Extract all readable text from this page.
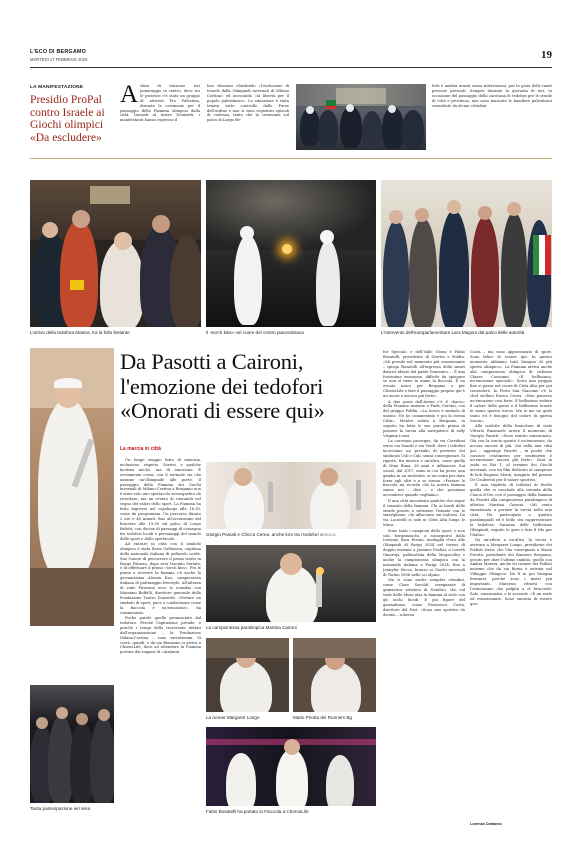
L'ECO DI BERGAMO
MARTEDÌ 17 FEBBRAIO 2026	19
LA MANIFESTAZIONE
Presidio ProPal contro Israele ai Giochi olimpici «Da escludere»
Attimi di tensione ieri pomeriggio in centro, dove tra le proteste c'è stato un gruppo di attivisti Pro Palestina, durante le cerimonie per il passaggio della Fiamma olimpica dalla città. Davanti al teatro Donizetti, i manifestanti hanno espresso il
loro dissenso chiedendo «l'esclusione di Israele dalle Olimpiadi invernali di Milano Cortina» ed invocando «la libertà per il popolo palestinese». La situazione è stata tenuta sotto controllo dalle Forze dell'ordine e non si sono registrati episodi di violenza, tanto che la cerimonia sul palco di Largo Be-
lotti è andata avanti senza interruzioni, per la gioia delle tante persone presenti. Sempre durante la giornata di ieri, in occasione del passaggio della carovana di tedofori per le strade di città e provincia, non sono mancate le bandiere palestinesi sventolate da alcuni cittadini.
L'arrivo della tedofora Matera, tra la folla festante	Il «torch kiss» nel cuore del centro piacentiniano	L'intervento dell'europarlamentare Lara Magoni dal palco delle autorità
Da Pasotti a Caironi, l'emozione dei tedofori «Onorati di essere qui»
La marcia in città

Un lungo viaggio fatto di amicizia, inclusione, rispetto. Sorrisi, e qualche lacrima anche, ma di emozione. È ovviamente corsa, con il normale via che assume un'Olimpiade alle porte. Il passaggio della Fiamma dei Giochi invernali di Milano-Cortina a Bergamo non è stato solo uno spettacolo scenografico da ricordare, ma un evento di comunità nel segno dei valori dello sport. La Fiamma ha fatto ingresso nel capoluogo alle 16.30, come da programma. Un percorso durato 2 ore e 40 minuti, fino all'accensione del braciere alle 19.30 sul palco di Largo Belotti, con decine di passaggi di consegna fra tedofori locali e personaggi del mondo dello sport e dello spettacolo.

Ad entrare in città con il simbolo olimpico è stata Ilaria Galbusera, capitana della nazionale italiana di pallavolo sorde. Sue l'onore di percorrere il primo tratto in Borgo Palazzo, dopo aver lasciato Seriate, e di effettuare il primo «torch kiss». Fra le prime a ricevere la fiamma c'è anche la giovanissima Alessia Rao, campionessa italiana di pattinaggio freestyle. All'altezza di viale Pirovano ecco lo scambio con Massimo Boffelli, direttore generale della Fondazione Teatro Donizetti. «Portare un simbolo di sport, pace e condivisione come la fiaccola è un'emozione», ha commentato.

Poche parole quelle pronunciate dal tedoforo. Perché l'agitazione prende, e perché i tempi della traversata dettati dall'organizzazione – la Fondazione Milano-Cortina – sono serratissimi. Si corre, quindi, e da via Bianzano si arriva a ChorusLife, dove ad attendere la Fiamma portata dai ragazzi di «Atalanta

Giorgio Pasotti e Chicco Cerea, anche loro tra i tedofori BEDOLIS
La campionessa paralimpica Martina Caironi
La runner Margaret Longo	Mario Pirotta dei Runners Bg
Fabio Bosatelli ha portato la Fiaccola a ChorusLife
Tanta partecipazione ieri sera

for Special» e dell'Valle Olona è Fabio Bosatelli, presidente di Gewiss e Polifin. «Mi prende nel momento più emozionante – spiega Bosatelli all'ingresso della smart district ideato dal padre Domenico –. È una fortissima emozione, difficile da spiegare se non si tiene in mano la fiaccola. È un evento unico per Bergamo e per ChorusLife e fare il passaggio proprio qui è un onore e ancora più forte».

A due passi dall'Arena c'è il «bacio» della Fiamma insieme a Paolo Cervini, ceo del gruppo Polifin. «La torcia è simbolo di unione. Ne ho commentato e poi la stessa Città». Mentre saluta a Bergamo, in seguito ha fatto le sue parole prima di passare la torcia alla navigatrice di rally Virginia Lenzi.

La carovana prosegue, da via Corridoni verso via Suardi e via Verdi, dove i tedofori incrociano un presidio di protesta dei sindacati Usb e Cub, senza conseguenze. Si riparte, fra musica e un'altra, come quella di Nina Rima, 26 anni e influencer. Sui social, dal 2017, anno in cui ha perso una gamba in un incidente, si racconta per dare forza agli altri e a se stessa. «Portare la fiaccola mi ricorda che la nostra fiamma siamo noi – dice – e che possiamo accenderci quando vogliamo».

Il una città incontrata qualche che segue il transito della fiamma. Chi ai bordi delle strade pronto a catturare l'istante con lo smartphone, chi affacciato sui balconi. Da via Locatelli si sale in Città Alta lungo le Mura.

Sono tanti i campioni dello sport, e non solo bergamaschi, a susseguirsi dalla torsione Sara Errani, medaglia d'oro alle Olimpiadi di Parigi 2024 nel torneo di doppio insieme a Jasmine Paolini; a Loveth Omoruyi, pallavolista della Megavolley e anche la campionessa olimpica con la nazionale italiana a Parigi 2024, fino a Jennyfer Succo, bronzo ai Giochi invernali di Torino 2006 nello sci alpino.

Ma ci sono anche semplici cittadini, come Clara Savoldi, insegnante di ginnastica artistica di Nembro, che sul viale delle Mura alza la fiamma al cielo con gli occhi lucidi. E poi figure del giornalismo, come Francesco Costa, direttore del Post. «Sono uno sportivo da divano – scherza

Costa – ma sono appassionato di sport. Sono felice di essere qui. In questo momento abbiamo tutti bisogno di più spirito olimpico». La Fiamma arriva anche alla campionessa olimpica di ciclismo Chiara Consonni. «È bellissimo, un'emozione speciale». Sotto una pioggia fine si passa nel cuore di Città Alta per poi riscendere. In Porta San Giacomo c'è lo chef stellato Enrico Cerea. «Non pensavo un'emozione così forte. È bellissimo vedere il calore della gente e il bellissimo tenere in mano questa torcia. Ma io me ne godo tanto ed è bisogno del calore di questa torcia».

Alle scalette della funicolare di viale Vittorio Emanuele arriva il momento di Giorgio Pasotti. «Sono sentito emozionato. Già con la torcia spenta è un'emozione, da accesa ancora di più. Qui nella mia città poi – aggiunge Pasotti – in poche che conosce centimetro per centimetro è un'emozione ancora più forte». Sarà in onda su Rai 1, al termine dei Giochi invernali, con un film dedicato al campione di bob Eugenio Monti, insignito del premio De Coubertin per il valore sportivo.

È una tripletta di tedofori di livello quella che si conclude alla rotonda della Conca d'Oro con il passaggio della fiamma da Pasotti alla campionessa paralimpica di atletica Martina Caironi. «Mi sento emozionata a portare la torcia nella mia città. Ho partecipato a quattro paralimpiadi ed è bello ora rappresentare la tedofora. Saranno delle bellissime Olimpiadi, seguite le gare e fate il tifo per l'Italia».

Da un'atleta a un'altra, la torcia è arrivata a Margaret Longo, presidente dei Podisti Ivrea, che l'ha consegnata a Mario Pirotta, presidente dei Runners Bergamo, pronto per dare l'ultimo cambio, quello con Ambra Matera, anche lei runner dei Podisti insieme che da via Borsa è entrata nel Villaggio Olimpico. Da lì in poi bisogna fermarsi, perché sono i metri più importanti. Materasi ritrarsi con l'entusiasmo che palpita a el braccialè: Sale, emozionata, e lo accende. «È un reale ed emozionante. Sono onorata di essere qui».

Lorenza Cattaneo
